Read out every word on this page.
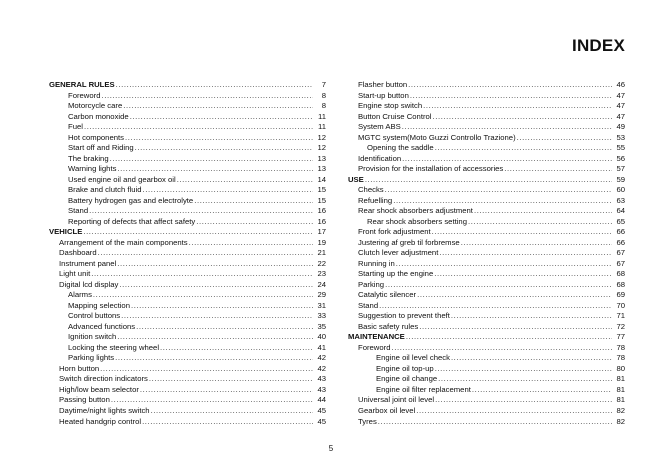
INDEX
GENERAL RULES .....	7
Foreword .....	8
Motorcycle care .....	8
Carbon monoxide .....	11
Fuel .....	11
Hot components .....	12
Start off and Riding .....	12
The braking .....	13
Warning lights .....	13
Used engine oil and gearbox oil .....	14
Brake and clutch fluid .....	15
Battery hydrogen gas and electrolyte .....	15
Stand .....	16
Reporting of defects that affect safety .....	16
VEHICLE .....	17
Arrangement of the main components .....	19
Dashboard .....	21
Instrument panel .....	22
Light unit .....	23
Digital lcd display .....	24
Alarms .....	29
Mapping selection .....	31
Control buttons .....	33
Advanced functions .....	35
Ignition switch .....	40
Locking the steering wheel .....	41
Parking lights .....	42
Horn button .....	42
Switch direction indicators .....	43
High/low beam selector .....	43
Passing button .....	44
Daytime/night lights switch .....	45
Heated handgrip control .....	45
Flasher button .....	46
Start-up button .....	47
Engine stop switch .....	47
Button Cruise Control .....	47
System ABS .....	49
MGTC system(Moto Guzzi Controllo Trazione) .....	53
Opening the saddle .....	55
Identification .....	56
Provision for the installation of accessories .....	57
USE .....	59
Checks .....	60
Refuelling .....	63
Rear shock absorbers adjustment .....	64
Rear shock absorbers setting .....	65
Front fork adjustment .....	66
Justering af greb til forbremse .....	66
Clutch lever adjustment .....	67
Running in .....	67
Starting up the engine .....	68
Parking .....	68
Catalytic silencer .....	69
Stand .....	70
Suggestion to prevent theft .....	71
Basic safety rules .....	72
MAINTENANCE .....	77
Foreword .....	78
Engine oil level check .....	78
Engine oil top-up .....	80
Engine oil change .....	81
Engine oil filter replacement .....	81
Universal joint oil level .....	81
Gearbox oil level .....	82
Tyres .....	82
5
